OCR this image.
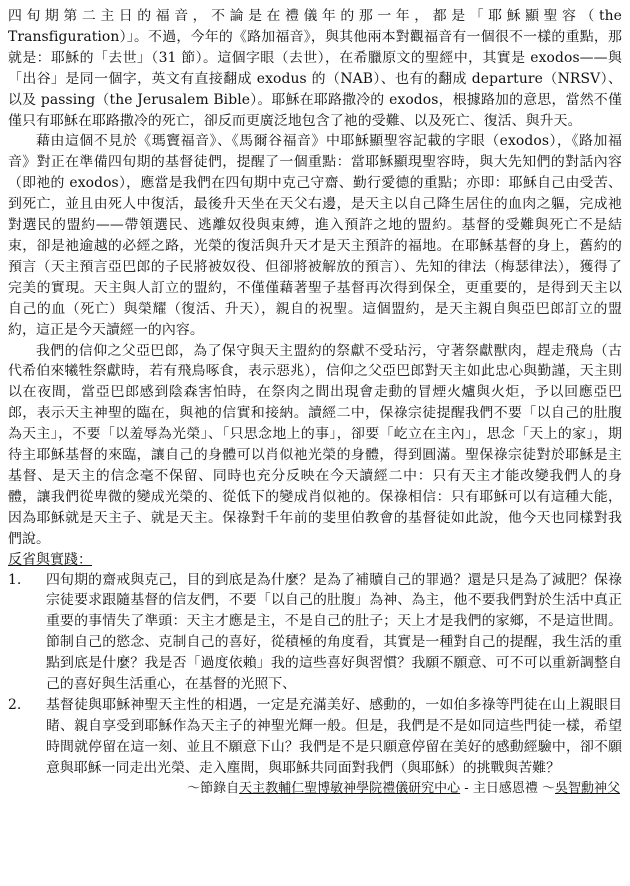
四旬期第二主日的福音，不論是在禮儀年的那一年，都是「耶穌顯聖容（the Transfiguration）」。不過，今年的《路加福音》，與其他兩本對觀福音有一個很不一樣的重點，那就是：耶穌的「去世」（31 節）。這個字眼（去世），在希臘原文的聖經中，其實是 exodos——與「出谷」是同一個字，英文有直接翻成 exodus 的（NAB）、也有的翻成 departure（NRSV）、以及 passing（the Jerusalem Bible）。耶穌在耶路撒冷的 exodos，根據路加的意思，當然不僅僅只有耶穌在耶路撒冷的死亡，卻反而更廣泛地包含了祂的受難、以及死亡、復活、與升天。

藉由這個不見於《瑪竇福音》、《馬爾谷福音》中耶穌顯聖容記載的字眼（exodos），《路加福音》對正在準備四旬期的基督徒們，提醒了一個重點：當耶穌顯現聖容時，與大先知們的對話內容（即祂的 exodos），應當是我們在四旬期中克己守齋、勤行愛德的重點；亦即：耶穌自己由受苦、到死亡，並且由死人中復活，最後升天坐在天父右邊，是天主以自己降生居住的血肉之軀，完成祂對選民的盟約——帶領選民、逃離奴役與束縛，進入預許之地的盟約。基督的受難與死亡不是結束，卻是祂逾越的必經之路，光榮的復活與升天才是天主預許的福地。在耶穌基督的身上，舊約的預言（天主預言亞巴郎的子民將被奴役、但卻將被解放的預言）、先知的律法（梅瑟律法），獲得了完美的實現。天主與人訂立的盟約，不僅僅藉著聖子基督再次得到保全，更重要的，是得到天主以自己的血（死亡）與榮耀（復活、升天），親自的祝聖。這個盟約，是天主親自與亞巴郎訂立的盟約，這正是今天讀經一的內容。

我們的信仰之父亞巴郎，為了保守與天主盟約的祭獻不受玷污，守著祭獻獸肉，趕走飛鳥（古代希伯來犧牲祭獻時，若有飛鳥啄食，表示惡兆），信仰之父亞巴郎對天主如此忠心與勤謹，天主則以在夜間，當亞巴郎感到陰森害怕時，在祭肉之間出現會走動的冒煙火爐與火炬，予以回應亞巴郎，表示天主神聖的臨在，與祂的信實和接納。讀經二中，保祿宗徒提醒我們不要「以自己的肚腹為天主」，不要「以羞辱為光榮」、「只思念地上的事」，卻要「屹立在主內」，思念「天上的家」，期待主耶穌基督的來臨，讓自己的身體可以肖似祂光榮的身體，得到圓滿。聖保祿宗徒對於耶穌是主基督、是天主的信念毫不保留、同時也充分反映在今天讀經二中：只有天主才能改變我們人的身體，讓我們從卑微的變成光榮的、從低下的變成肖似祂的。保祿相信：只有耶穌可以有這種大能，因為耶穌就是天主子、就是天主。保祿對千年前的斐里伯教會的基督徒如此說，他今天也同樣對我們說。

反省與實踐：

1.	四旬期的齋戒與克己，目的到底是為什麼？是為了補贖自己的罪過？還是只是為了減肥？保祿宗徒要求跟隨基督的信友們，不要「以自己的肚腹」為神、為主，他不要我們對於生活中真正重要的事情失了準頭：天主才應是主，不是自己的肚子；天上才是我們的家鄉，不是這世間。節制自己的慾念、克制自己的喜好，從積極的角度看，其實是一種對自己的提醒，我生活的重點到底是什麼？我是否「過度依賴」我的這些喜好與習慣？我願不願意、可不可以重新調整自己的喜好與生活重心，在基督的光照下、
2.	基督徒與耶穌神聖天主性的相遇，一定是充滿美好、感動的，一如伯多祿等門徒在山上親眼目睹、親自享受到耶穌作為天主子的神聖光輝一般。但是，我們是不是如同這些門徒一樣，希望時間就停留在這一刻、並且不願意下山？我們是不是只願意停留在美好的感動經驗中，卻不願意與耶穌一同走出光榮、走入塵間，與耶穌共同面對我們（與耶穌）的挑戰與苦難？

～節錄自天主教輔仁聖博敏神學院禮儀研究中心 - 主日感恩禮 ～吳智勳神父
